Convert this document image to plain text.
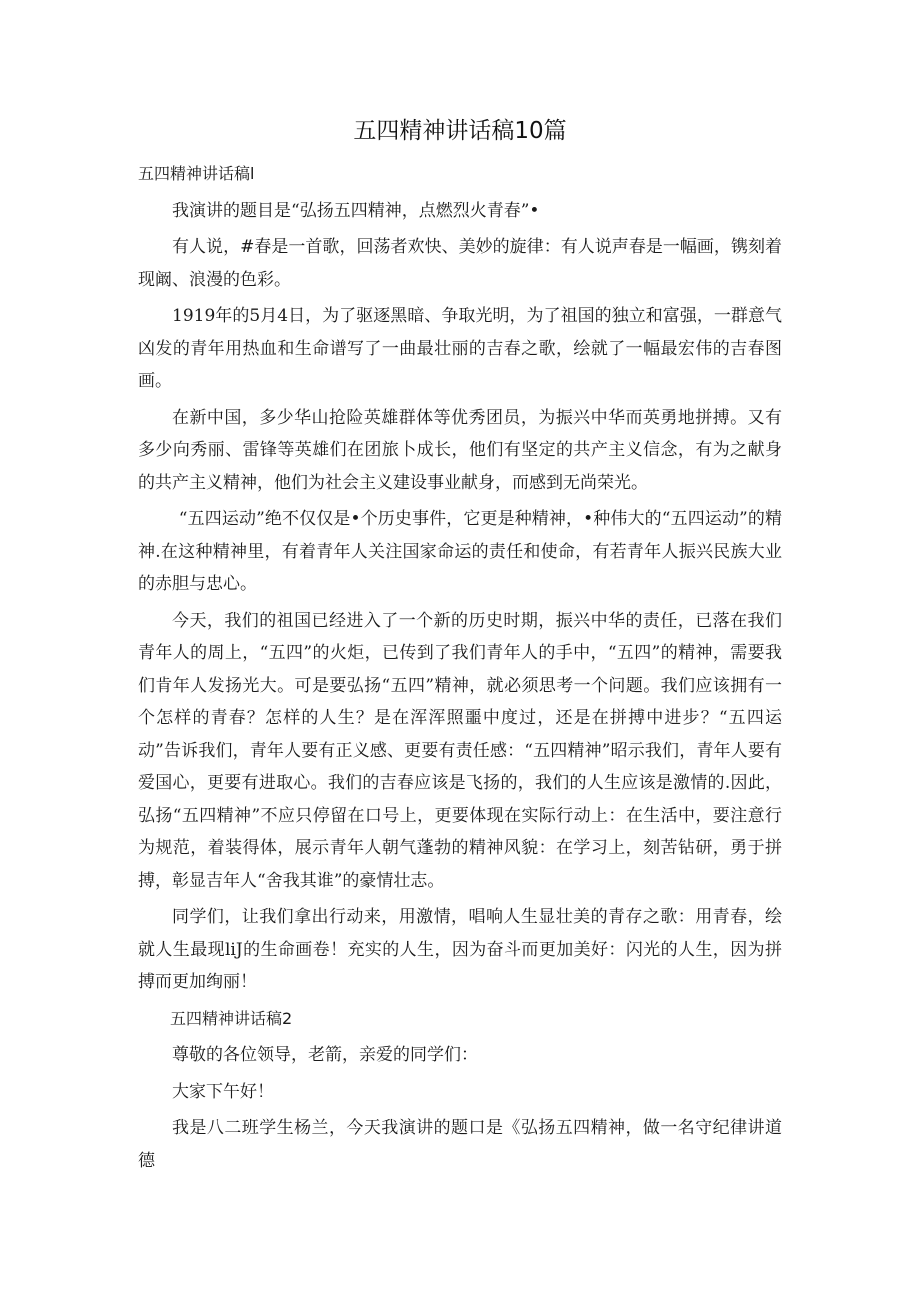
五四精神讲话稿10篇

五四精神讲话稿l

我演讲的题目是“弘扬五四精神，点燃烈火青春”•

有人说，#春是一首歌，回荡者欢快、美妙的旋律：有人说声春是一幅画，镌刻着现阚、浪漫的色彩。

1919年的5月4日，为了驱逐黑暗、争取光明，为了祖国的独立和富强，一群意气凶发的青年用热血和生命谱写了一曲最壮丽的吉春之歌，绘就了一幅最宏伟的吉春图画。

在新中国，多少华山抢险英雄群体等优秀团员，为振兴中华而英勇地拼搏。又有多少向秀丽、雷锋等英雄们在团旅卜成长，他们有坚定的共产主义信念，有为之献身的共产主义精神，他们为社会主义建设事业献身，而感到无尚荣光。

“五四运动”绝不仅仅是•个历史事件，它更是种精神，•种伟大的“五四运动”的精神.在这种精神里，有着青年人关注国家命运的责任和使命，有若青年人振兴民族大业的赤胆与忠心。

今天，我们的祖国已经进入了一个新的历史时期，振兴中华的责任，已落在我们青年人的周上，“五四”的火炬，已传到了我们青年人的手中，“五四”的精神，需要我们肯年人发扬光大。可是要弘扬“五四”精神，就必须思考一个问题。我们应该拥有一个怎样的青春？怎样的人生？是在浑浑照噩中度过，还是在拼搏中进步？“五四运动”告诉我们，青年人要有正义感、更要有责任感：“五四精神”昭示我们，青年人要有爱国心，更要有进取心。我们的吉春应该是飞扬的，我们的人生应该是激情的.因此，弘扬“五四精神”不应只停留在口号上，更要体现在实际行动上：在生活中，要注意行为规范，着装得体，展示青年人朝气蓬勃的精神风貌：在学习上，刻苦钻研，勇于拼搏，彰显吉年人“舍我其谁”的豪情壮志。

同学们，让我们拿出行动来，用激情，唱响人生显壮美的青存之歌：用青春，绘就人生最现liJ的生命画卷！充实的人生，因为奋斗而更加美好：闪光的人生，因为拼搏而更加绚丽！

五四精神讲话稿2

尊敬的各位领导，老箭，亲爱的同学们：

大家下午好！

我是八二班学生杨兰，今天我演讲的题口是《弘扬五四精神，做一名守纪律讲道德
